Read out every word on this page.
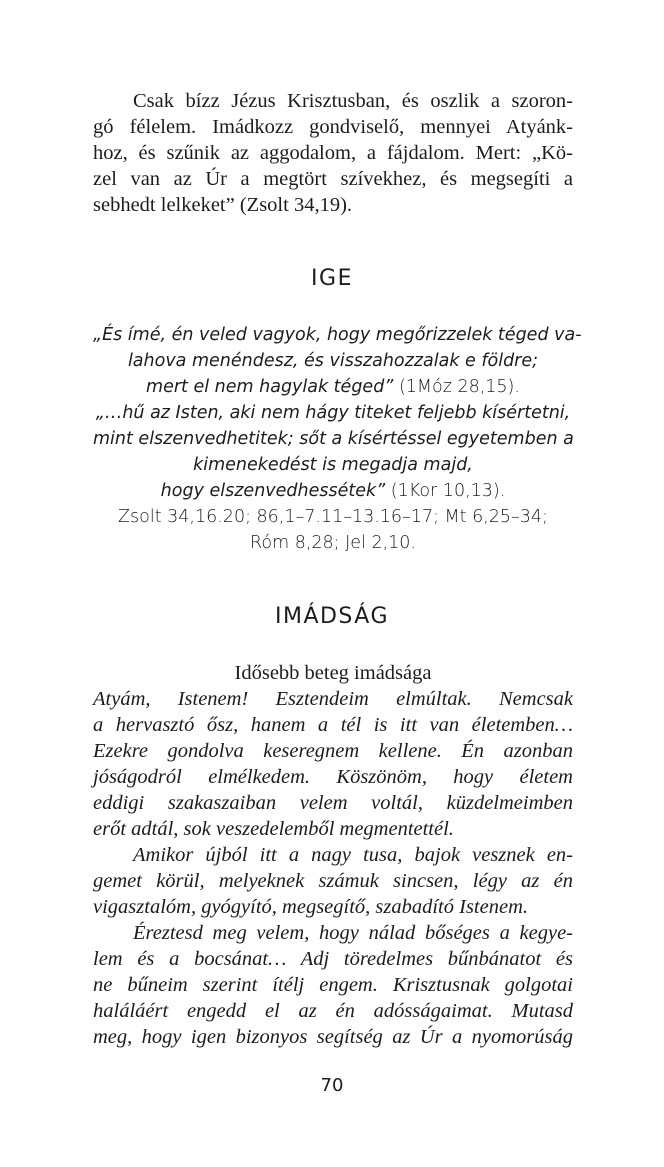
Csak bízz Jézus Krisztusban, és oszlik a szoron-

gó félelem. Imádkozz gondviselő, mennyei Atyánk-

hoz, és szűnik az aggodalom, a fájdalom. Mert: „Kö-

zel van az Úr a megtört szívekhez, és megsegíti a

sebhedt lelkeket” (Zsolt 34,19).

IGE

„És ímé, én veled vagyok, hogy megőrizzelek téged va-

lahova menéndesz, és visszahozzalak e földre;

mert el nem hagylak téged” (1Móz 28,15).

„…hű az Isten, aki nem hágy titeket feljebb kísértetni,

mint elszenvedhetitek; sőt a kísértéssel egyetemben a

kimenekedést is megadja majd,

hogy elszenvedhessétek” (1Kor 10,13).

Zsolt 34,16.20; 86,1–7.11–13.16–17; Mt 6,25–34;

Róm 8,28; Jel 2,10.

IMÁDSÁG

Idősebb beteg imádsága

Atyám, Istenem! Esztendeim elmúltak. Nemcsak

a hervasztó ősz, hanem a tél is itt van életemben…

Ezekre gondolva keseregnem kellene. Én azonban

jóságodról elmélkedem. Köszönöm, hogy életem

eddigi szakaszaiban velem voltál, küzdelmeimben

erőt adtál, sok veszedelemből megmentettél.

Amikor újból itt a nagy tusa, bajok vesznek en-

gemet körül, melyeknek számuk sincsen, légy az én

vigasztalóm, gyógyító, megsegítő, szabadító Istenem.

Éreztesd meg velem, hogy nálad bőséges a kegye-

lem és a bocsánat… Adj töredelmes bűnbánatot és

ne bűneim szerint ítélj engem. Krisztusnak golgotai

haláláért engedd el az én adósságaimat. Mutasd

meg, hogy igen bizonyos segítség az Úr a nyomorúság

70
